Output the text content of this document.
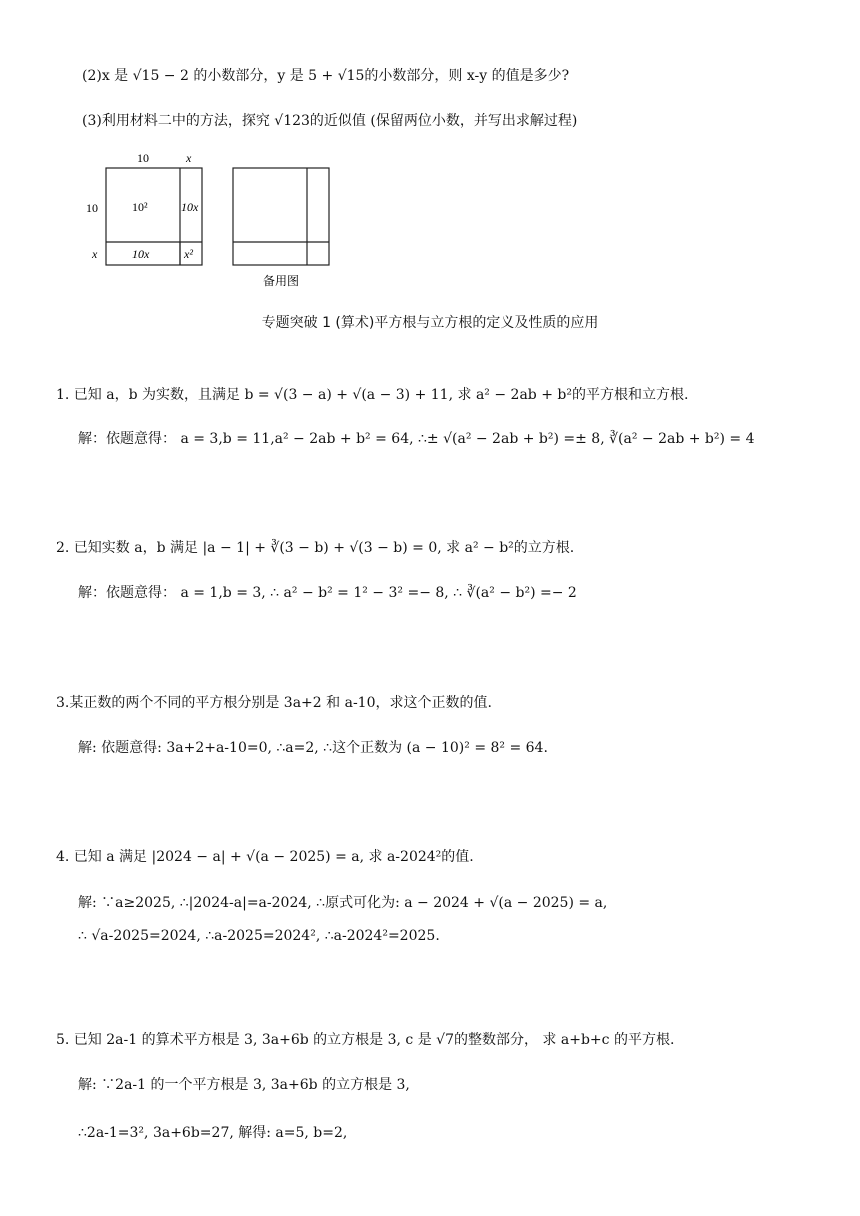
(2)x 是 √15 − 2 的小数部分，y 是 5 + √15的小数部分，则 x-y 的值是多少?
(3)利用材料二中的方法，探究 √123的近似值 (保留两位小数，并写出求解过程)
10	x
10
x
10²	10x
10x	x²
备用图
专题突破 1 (算术)平方根与立方根的定义及性质的应用
1. 已知 a，b 为实数，且满足 b = √(3 − a) + √(a − 3) + 11, 求 a² − 2ab + b²的平方根和立方根.
解：依题意得： a = 3,b = 11,a² − 2ab + b² = 64, ∴± √(a² − 2ab + b²) =± 8, ∛(a² − 2ab + b²) = 4
2. 已知实数 a，b 满足 |a − 1| + ∛(3 − b) + √(3 − b) = 0, 求 a² − b²的立方根.
解：依题意得： a = 1,b = 3, ∴ a² − b² = 1² − 3² =− 8, ∴ ∛(a² − b²) =− 2
3.某正数的两个不同的平方根分别是 3a+2 和 a-10，求这个正数的值.
解: 依题意得: 3a+2+a-10=0, ∴a=2, ∴这个正数为 (a − 10)² = 8² = 64.
4. 已知 a 满足 |2024 − a| + √(a − 2025) = a, 求 a-2024²的值.
解: ∵a≥2025, ∴|2024-a|=a-2024, ∴原式可化为: a − 2024 + √(a − 2025) = a,
∴ √a-2025=2024, ∴a-2025=2024², ∴a-2024²=2025.
5. 已知 2a-1 的算术平方根是 3, 3a+6b 的立方根是 3, c 是 √7的整数部分， 求 a+b+c 的平方根.
解: ∵2a-1 的一个平方根是 3, 3a+6b 的立方根是 3,
∴2a-1=3², 3a+6b=27, 解得: a=5, b=2,
